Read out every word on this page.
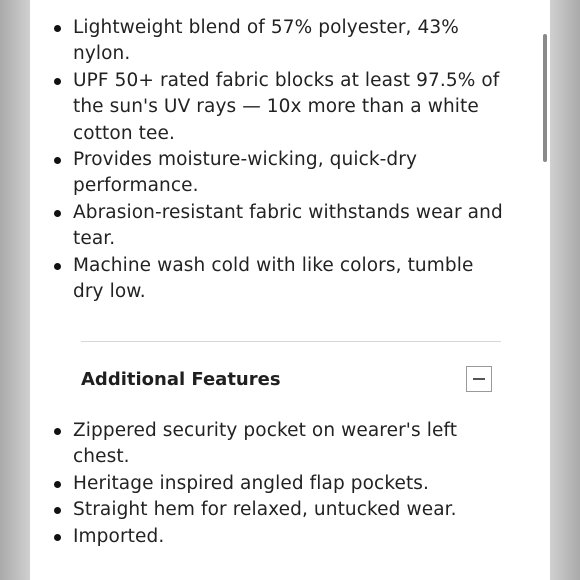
Lightweight blend of 57% polyester, 43% nylon.
UPF 50+ rated fabric blocks at least 97.5% of the sun's UV rays — 10x more than a white cotton tee.
Provides moisture-wicking, quick-dry performance.
Abrasion-resistant fabric withstands wear and tear.
Machine wash cold with like colors, tumble dry low.
Additional Features
Zippered security pocket on wearer's left chest.
Heritage inspired angled flap pockets.
Straight hem for relaxed, untucked wear.
Imported.
